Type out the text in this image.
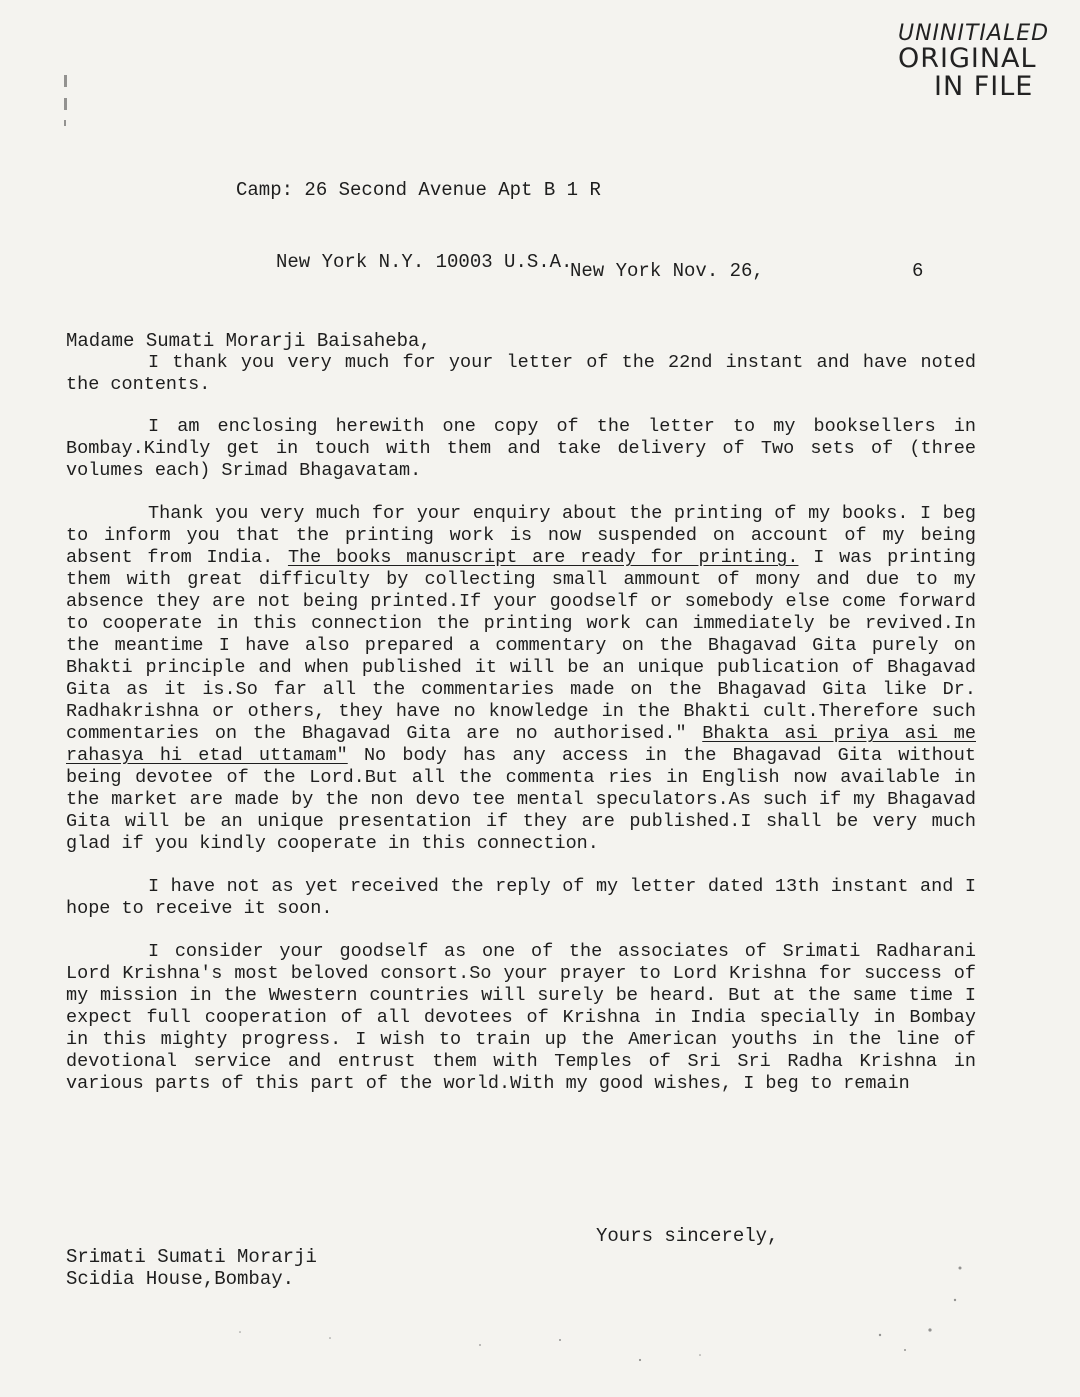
UNINITIALED
ORIGINAL
IN FILE

Camp: 26 Second Avenue Apt B 1 R

New York N.Y. 10003 U.S.A.

New York Nov. 26,	6
Madame Sumati Morarji Baisaheba,

I thank you very much for your letter of the 22nd instant and have noted the contents.

I am enclosing herewith one copy of the letter to my booksellers in Bombay.Kindly get in touch with them and take delivery of Two sets of (three volumes each) Srimad Bhagavatam.

Thank you very much for your enquiry about the printing of my books. I beg to inform you that the printing work is now suspended on account of my being absent from India. The books manuscript are ready for printing. I was printing them with great difficulty by collecting small ammount of mony and due to my absence they are not being printed.If your goodself or somebody else come forward to cooperate in this connection the printing work can immediately be revived.In the meantime I have also prepared a commentary on the Bhagavad Gita purely on Bhakti principle and when published it will be an unique publication of Bhagavad Gita as it is.So far all the commentaries made on the Bhagavad Gita like Dr. Radhakrishna or others, they have no knowledge in the Bhakti cult.Therefore such commentaries on the Bhagavad Gita are no authorised." Bhakta asi priya asi me rahasya hi etad uttamam" No body has any access in the Bhagavad Gita without being devotee of the Lord.But all the commenta ries in English now available in the market are made by the non devo tee mental speculators.As such if my Bhagavad Gita will be an unique presentation if they are published.I shall be very much glad if you kindly cooperate in this connection.

I have not as yet received the reply of my letter dated 13th instant and I hope to receive it soon.

I consider your goodself as one of the associates of Srimati Radharani Lord Krishna's most beloved consort.So your prayer to Lord Krishna for success of my mission in the Wwestern countries will surely be heard. But at the same time I expect full cooperation of all devotees of Krishna in India specially in Bombay in this mighty progress. I wish to train up the American youths in the line of devotional service and entrust them with Temples of Sri Sri Radha Krishna in various parts of this part of the world.With my good wishes, I beg to remain

Yours sincerely,
Srimati Sumati Morarji
Scidia House,Bombay.
